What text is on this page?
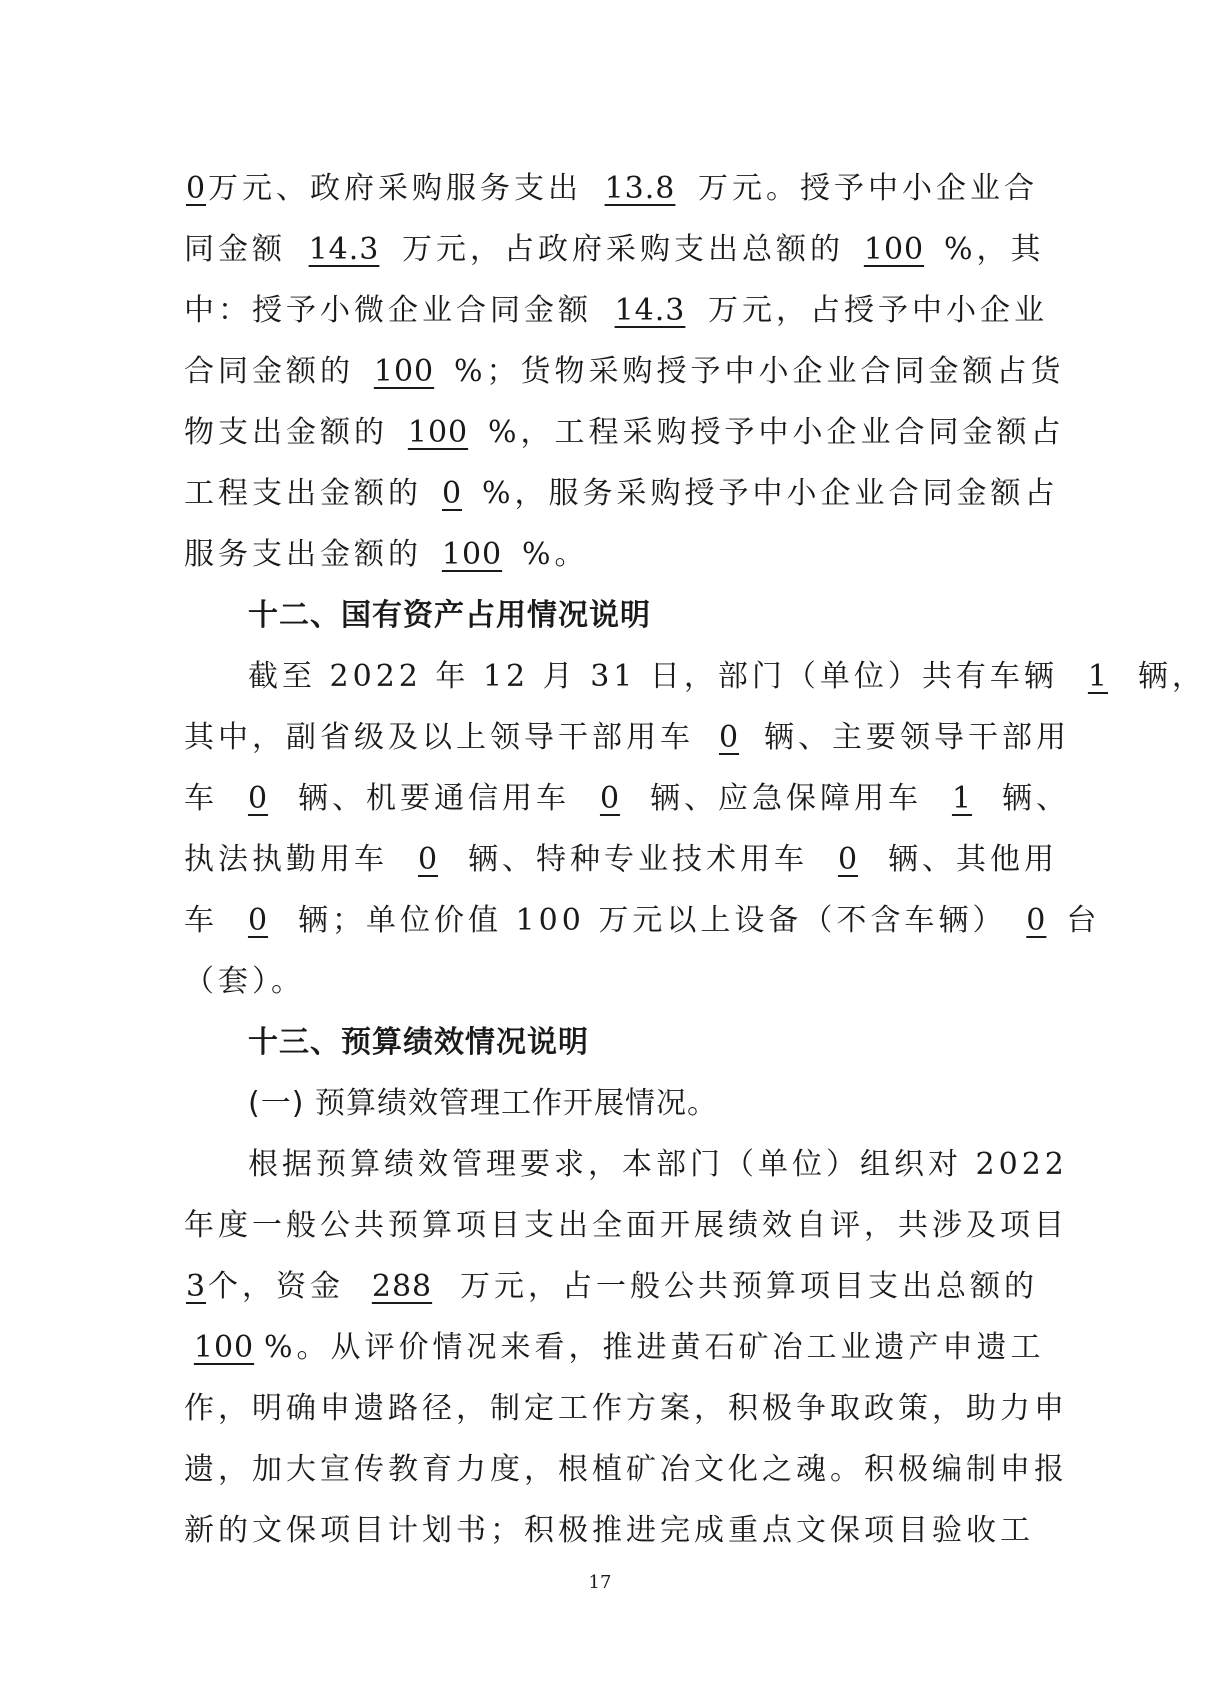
0万元、政府采购服务支出 13.8 万元。授予中小企业合
同金额 14.3 万元，占政府采购支出总额的 100 %，其
中：授予小微企业合同金额 14.3 万元，占授予中小企业
合同金额的 100 %；货物采购授予中小企业合同金额占货
物支出金额的 100 %，工程采购授予中小企业合同金额占
工程支出金额的 0 %，服务采购授予中小企业合同金额占
服务支出金额的 100 %。
十二、国有资产占用情况说明
截至 2022 年 12 月 31 日，部门（单位）共有车辆 1 辆，
其中，副省级及以上领导干部用车 0 辆、主要领导干部用
车 0 辆、机要通信用车 0 辆、应急保障用车 1 辆、
执法执勤用车 0 辆、特种专业技术用车 0 辆、其他用
车 0 辆；单位价值 100 万元以上设备（不含车辆） 0 台
（套）。
十三、预算绩效情况说明
(一) 预算绩效管理工作开展情况。
根据预算绩效管理要求，本部门（单位）组织对 2022
年度一般公共预算项目支出全面开展绩效自评，共涉及项目
3个，资金 288 万元，占一般公共预算项目支出总额的
100 %。从评价情况来看，推进黄石矿冶工业遗产申遗工
作，明确申遗路径，制定工作方案，积极争取政策，助力申
遗，加大宣传教育力度，根植矿冶文化之魂。积极编制申报
新的文保项目计划书；积极推进完成重点文保项目验收工
17
